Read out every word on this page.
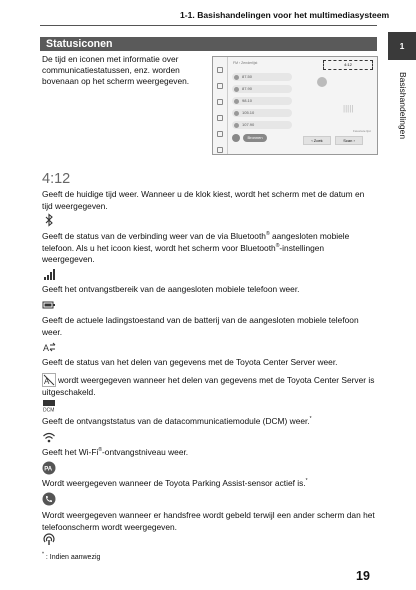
1-1. Basishandelingen voor het multimediasysteem
1
Basishandelingen
Statusiconen
De tijd en iconen met informatie over communicatiestatussen, enz. worden bovenaan op het scherm weergegeven.
FM › Zenderlijst	4:12
87.50
87.90
98.10
105.10
107.90
|||||
Favoriete lijst
Bronnen
‹ Zoek	Scan ›
4:12
Geeft de huidige tijd weer. Wanneer u de klok kiest, wordt het scherm met de datum en tijd weergegeven.
Geeft de status van de verbinding weer van de via Bluetooth® aangesloten mobiele telefoon. Als u het icoon kiest, wordt het scherm voor Bluetooth®-instellingen weergegeven.
Geeft het ontvangstbereik van de aangesloten mobiele telefoon weer.
Geeft de actuele ladingstoestand van de batterij van de aangesloten mobiele telefoon weer.
A
Geeft de status van het delen van gegevens met de Toyota Center Server weer.
A	wordt weergegeven wanneer het delen van gegevens met de Toyota Center Server is uitgeschakeld.
DCM
Geeft de ontvangststatus van de datacommunicatiemodule (DCM) weer.*
Geeft het Wi-Fi®-ontvangstniveau weer.
PA
Wordt weergegeven wanneer de Toyota Parking Assist-sensor actief is.*
Wordt weergegeven wanneer er handsfree wordt gebeld terwijl een ander scherm dan het telefoonscherm wordt weergegeven.
* : Indien aanwezig
19
